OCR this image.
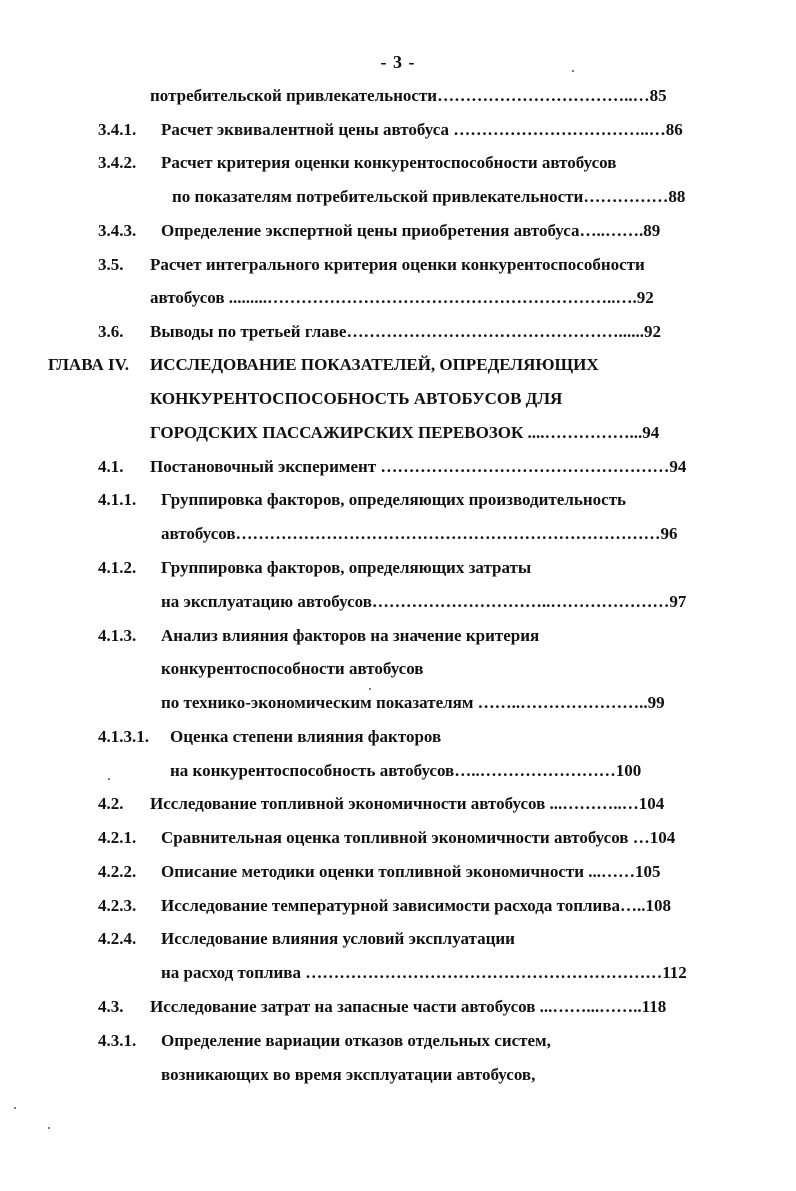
- 3 -
потребительской привлекательности……………………………..…85
3.4.1. Расчет эквивалентной цены автобуса ……………………………..…86
3.4.2. Расчет критерия оценки конкурентоспособности автобусов
по показателям потребительской привлекательности……………88
3.4.3. Определение экспертной цены приобретения автобуса…..…….89
3.5. Расчет интегрального критерия оценки конкурентоспособности
автобусов .........……………………………………………………..….92
3.6. Выводы по третьей главе…………………………………………......92
ГЛАВА IV. ИССЛЕДОВАНИЕ ПОКАЗАТЕЛЕЙ, ОПРЕДЕЛЯЮЩИХ
КОНКУРЕНТОСПОСОБНОСТЬ АВТОБУСОВ ДЛЯ
ГОРОДСКИХ ПАССАЖИРСКИХ ПЕРЕВОЗОК ....……………...94
4.1. Постановочный эксперимент ……………………………………………94
4.1.1. Группировка факторов, определяющих производительность
автобусов…………………………………………………………………96
4.1.2. Группировка факторов, определяющих затраты
на эксплуатацию автобусов…………………………..…………………97
4.1.3. Анализ влияния факторов на значение критерия
конкурентоспособности автобусов
по технико-экономическим показателям ……..…………………..99
4.1.3.1. Оценка степени влияния факторов
на конкурентоспособность автобусов…..……………………100
4.2. Исследование топливной экономичности автобусов ...………..…104
4.2.1. Сравнительная оценка топливной экономичности автобусов …104
4.2.2. Описание методики оценки топливной экономичности ...……105
4.2.3. Исследование температурной зависимости расхода топлива…..108
4.2.4. Исследование влияния условий эксплуатации
на расход топлива ………………………………………………………112
4.3. Исследование затрат на запасные части автобусов ...……...……..118
4.3.1. Определение вариации отказов отдельных систем,
возникающих во время эксплуатации автобусов,
